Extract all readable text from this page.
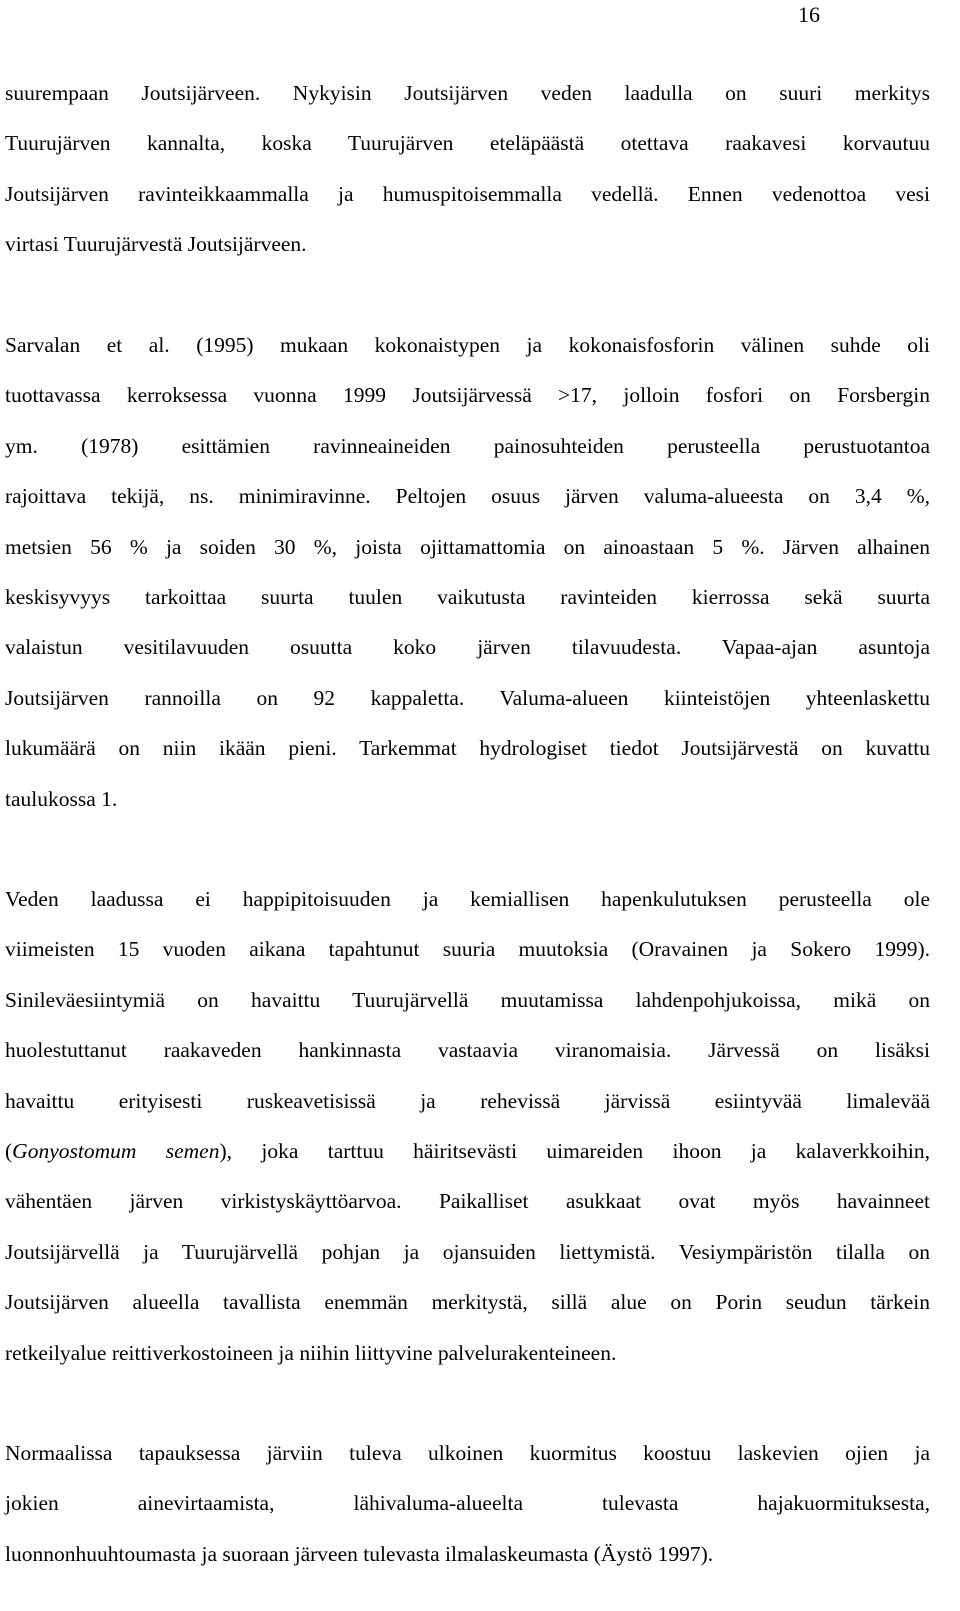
16
suurempaan Joutsijärveen. Nykyisin Joutsijärven veden laadulla on suuri merkitys
Tuurujärven kannalta, koska Tuurujärven eteläpäästä otettava raakavesi korvautuu
Joutsijärven ravinteikkaammalla ja humuspitoisemmalla vedellä. Ennen vedenottoa vesi
virtasi Tuurujärvestä Joutsijärveen.
Sarvalan et al. (1995) mukaan kokonaistypen ja kokonaisfosforin välinen suhde oli
tuottavassa kerroksessa vuonna 1999 Joutsijärvessä >17, jolloin fosfori on Forsbergin
ym. (1978) esittämien ravinneaineiden painosuhteiden perusteella perustuotantoa
rajoittava tekijä, ns. minimiravinne. Peltojen osuus järven valuma-alueesta on 3,4 %,
metsien 56 % ja soiden 30 %, joista ojittamattomia on ainoastaan 5 %. Järven alhainen
keskisyvyys tarkoittaa suurta tuulen vaikutusta ravinteiden kierrossa sekä suurta
valaistun vesitilavuuden osuutta koko järven tilavuudesta. Vapaa-ajan asuntoja
Joutsijärven rannoilla on 92 kappaletta. Valuma-alueen kiinteistöjen yhteenlaskettu
lukumäärä on niin ikään pieni. Tarkemmat hydrologiset tiedot Joutsijärvestä on kuvattu
taulukossa 1.
Veden laadussa ei happipitoisuuden ja kemiallisen hapenkulutuksen perusteella ole
viimeisten 15 vuoden aikana tapahtunut suuria muutoksia (Oravainen ja Sokero 1999).
Sinileväesiintymiä on havaittu Tuurujärvellä muutamissa lahdenpohjukoissa, mikä on
huolestuttanut raakaveden hankinnasta vastaavia viranomaisia. Järvessä on lisäksi
havaittu erityisesti ruskeavetisissä ja rehevissä järvissä esiintyvää limalevää
(Gonyostomum semen), joka tarttuu häiritsevästi uimareiden ihoon ja kalaverkkoihin,
vähentäen järven virkistyskäyttöarvoa. Paikalliset asukkaat ovat myös havainneet
Joutsijärvellä ja Tuurujärvellä pohjan ja ojansuiden liettymistä. Vesiympäristön tilalla on
Joutsijärven alueella tavallista enemmän merkitystä, sillä alue on Porin seudun tärkein
retkeilyalue reittiverkostoineen ja niihin liittyvine palvelurakenteineen.
Normaalissa tapauksessa järviin tuleva ulkoinen kuormitus koostuu laskevien ojien ja
jokien ainevirtaamista, lähivaluma-alueelta tulevasta hajakuormituksesta,
luonnonhuuhtoumasta ja suoraan järveen tulevasta ilmalaskeumasta (Äystö 1997).
